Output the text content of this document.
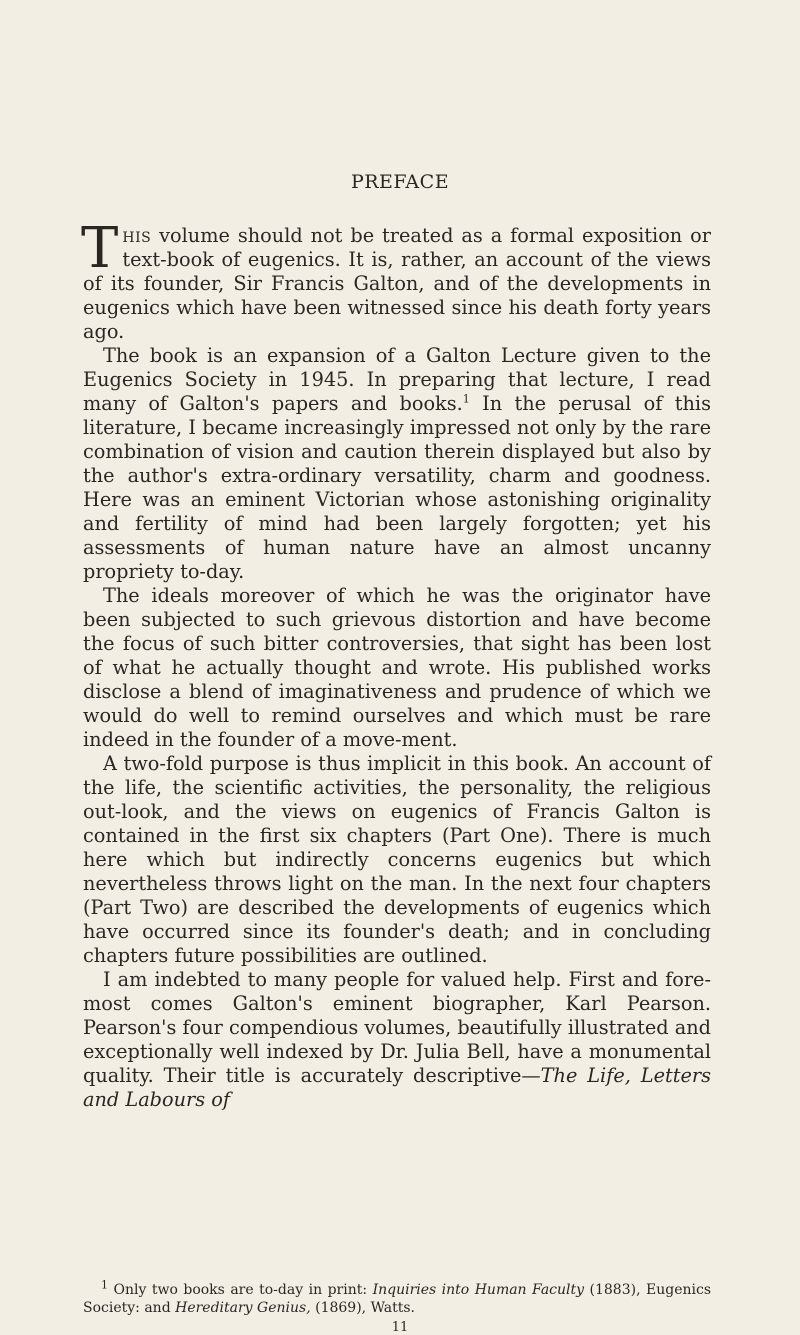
PREFACE

This volume should not be treated as a formal exposition or text-book of eugenics. It is, rather, an account of the views of its founder, Sir Francis Galton, and of the developments in eugenics which have been witnessed since his death forty years ago.

The book is an expansion of a Galton Lecture given to the Eugenics Society in 1945. In preparing that lecture, I read many of Galton's papers and books.$^1$ In the perusal of this literature, I became increasingly impressed not only by the rare combination of vision and caution therein displayed but also by the author's extra-ordinary versatility, charm and goodness. Here was an eminent Victorian whose astonishing originality and fertility of mind had been largely forgotten; yet his assessments of human nature have an almost uncanny propriety to-day.

The ideals moreover of which he was the originator have been subjected to such grievous distortion and have become the focus of such bitter controversies, that sight has been lost of what he actually thought and wrote. His published works disclose a blend of imaginativeness and prudence of which we would do well to remind ourselves and which must be rare indeed in the founder of a move-ment.

A two-fold purpose is thus implicit in this book. An account of the life, the scientific activities, the personality, the religious out-look, and the views on eugenics of Francis Galton is contained in the first six chapters (Part One). There is much here which but indirectly concerns eugenics but which nevertheless throws light on the man. In the next four chapters (Part Two) are described the developments of eugenics which have occurred since its founder's death; and in concluding chapters future possibilities are outlined.

I am indebted to many people for valued help. First and fore-most comes Galton's eminent biographer, Karl Pearson. Pearson's four compendious volumes, beautifully illustrated and exceptionally well indexed by Dr. Julia Bell, have a monumental quality. Their title is accurately descriptive—The Life, Letters and Labours of

$^1$ Only two books are to-day in print: Inquiries into Human Faculty (1883), Eugenics Society: and Hereditary Genius, (1869), Watts.

11
